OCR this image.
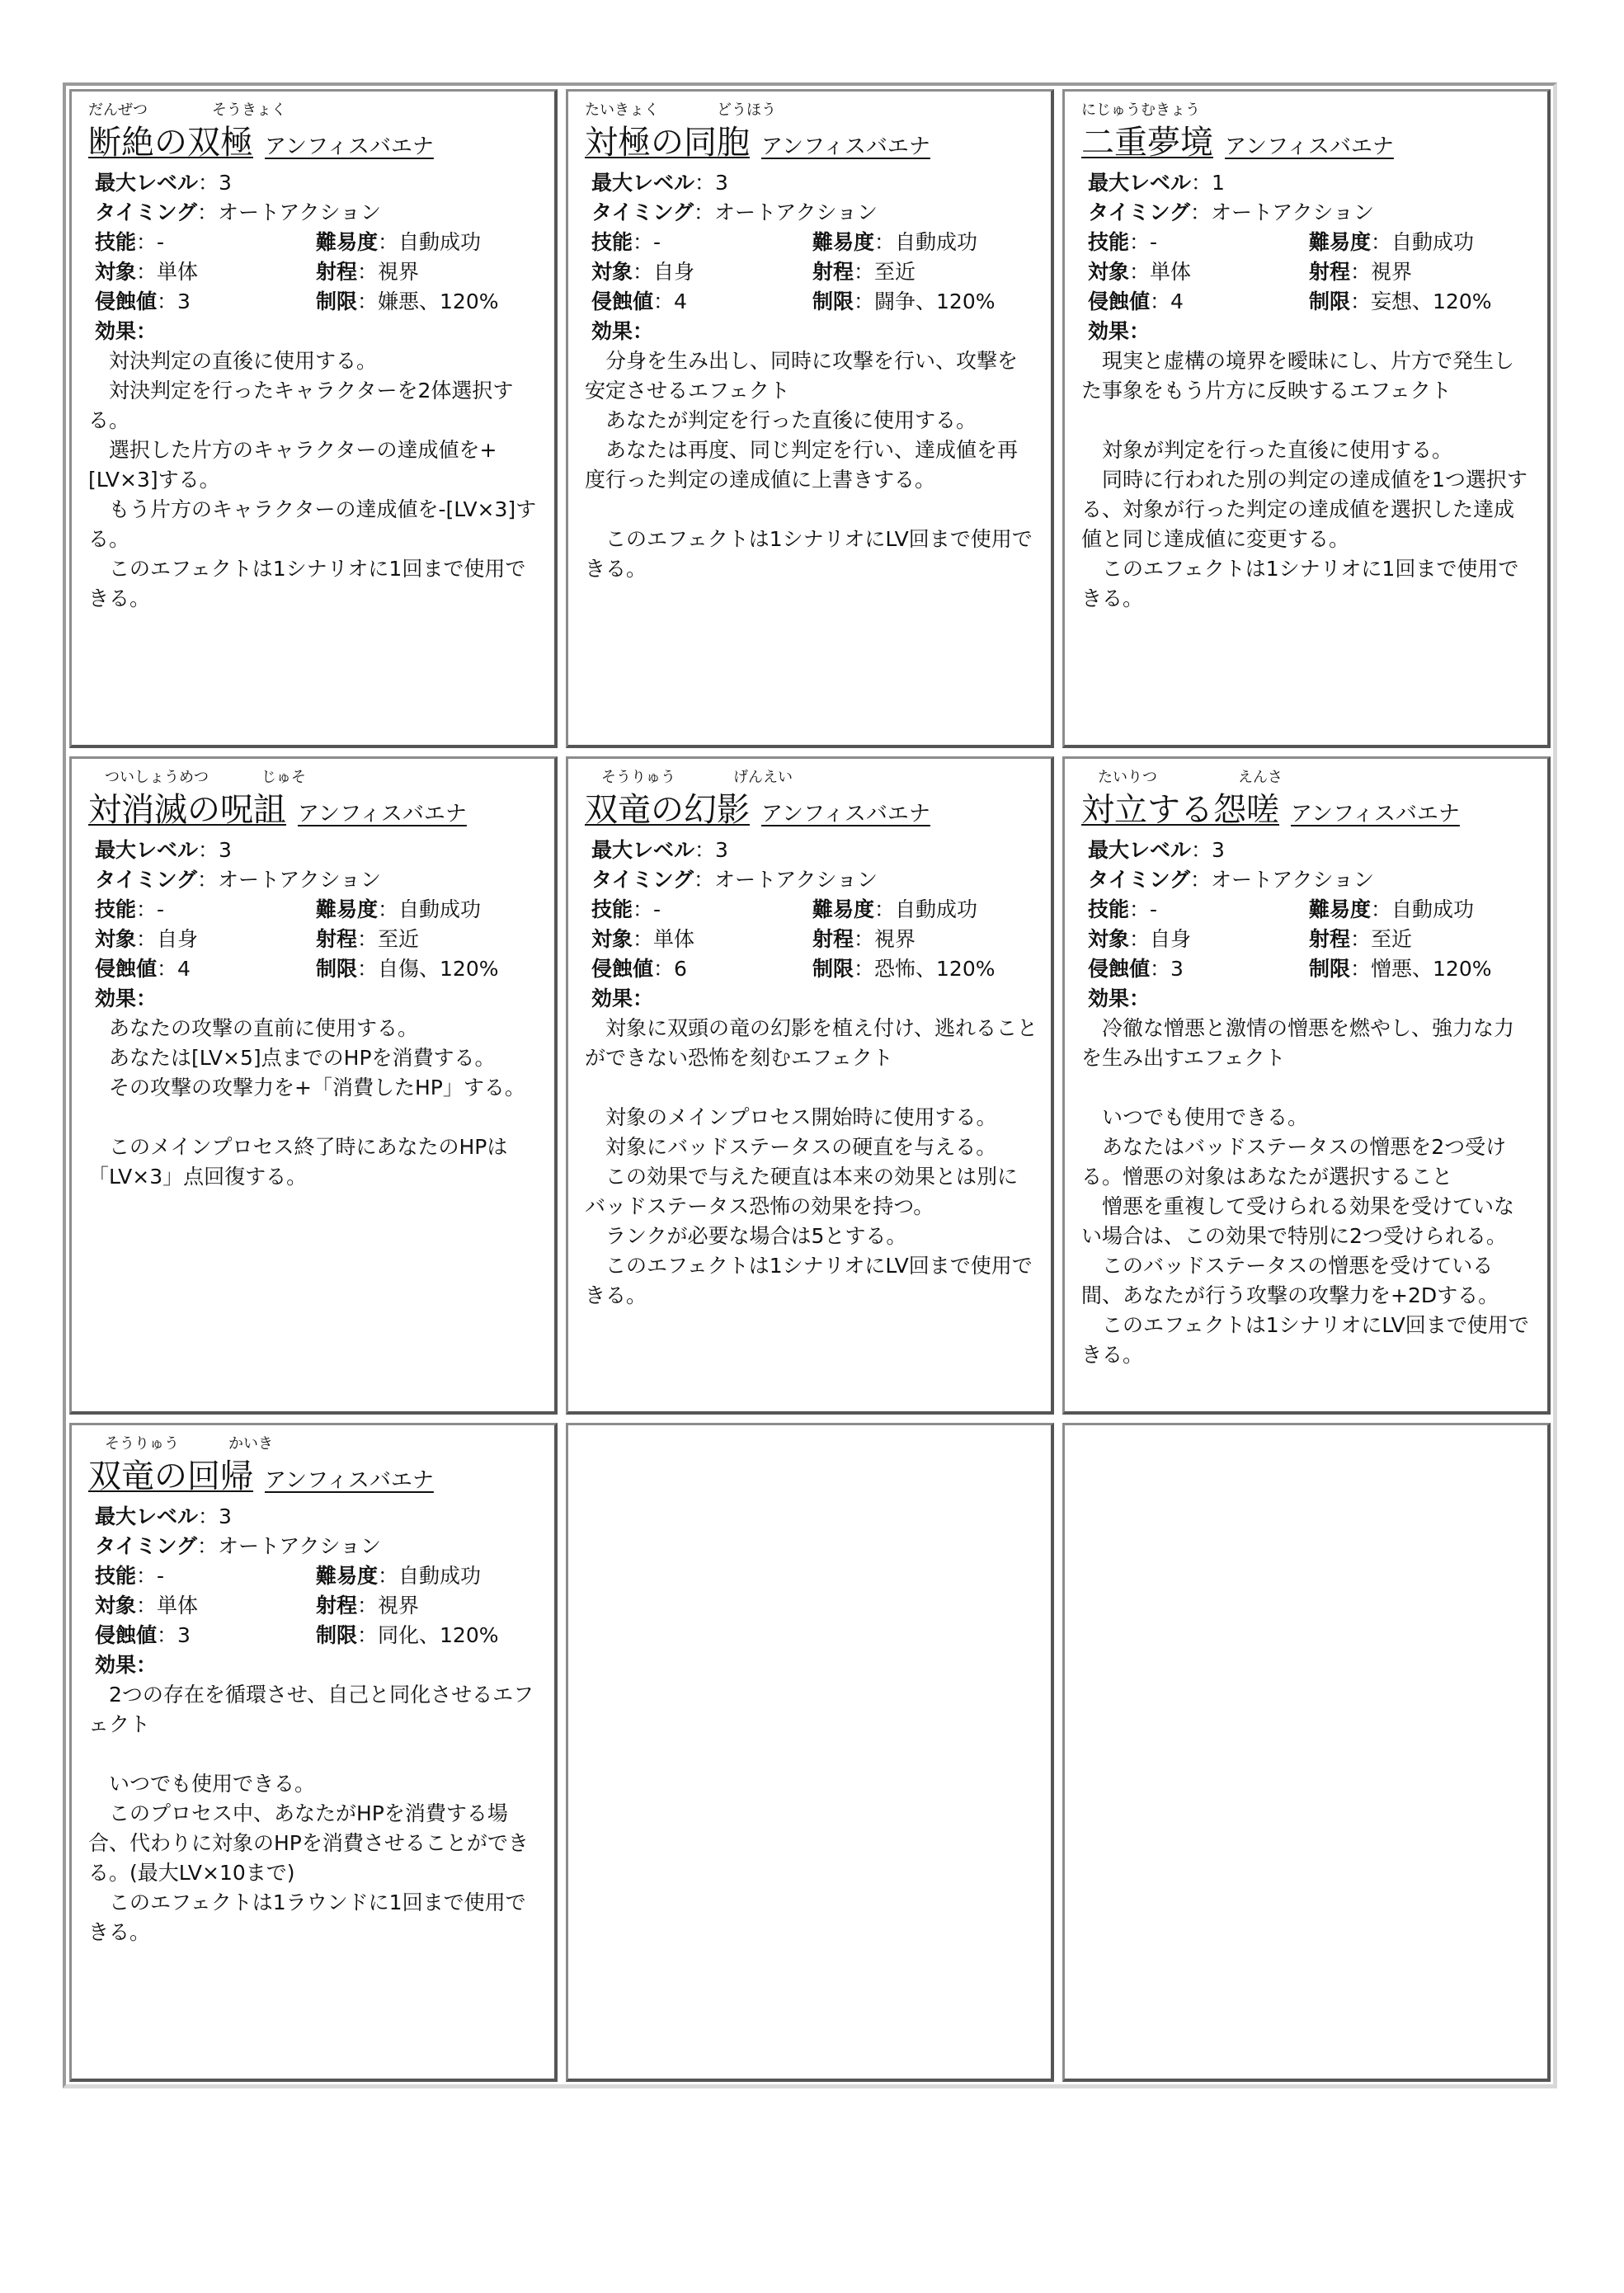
だんぜつ	そうきょく
断絶の双極 アンフィスバエナ
最大レベル：3
タイミング：オートアクション
技能：-	難易度：自動成功
対象：単体	射程：視界
侵蝕値：3	制限：嫌悪、120%
効果：
　対決判定の直後に使用する。
　対決判定を行ったキャラクターを2体選択する。
　選択した片方のキャラクターの達成値を+[LV×3]する。
　もう片方のキャラクターの達成値を-[LV×3]する。
　このエフェクトは1シナリオに1回まで使用できる。
たいきょく	どうほう
対極の同胞 アンフィスバエナ
最大レベル：3
タイミング：オートアクション
技能：-	難易度：自動成功
対象：自身	射程：至近
侵蝕値：4	制限：闘争、120%
効果：
　分身を生み出し、同時に攻撃を行い、攻撃を安定させるエフェクト
　あなたが判定を行った直後に使用する。
　あなたは再度、同じ判定を行い、達成値を再度行った判定の達成値に上書きする。
　このエフェクトは1シナリオにLV回まで使用できる。
にじゅうむきょう
二重夢境 アンフィスバエナ
最大レベル：1
タイミング：オートアクション
技能：-	難易度：自動成功
対象：単体	射程：視界
侵蝕値：4	制限：妄想、120%
効果：
　現実と虚構の境界を曖昧にし、片方で発生した事象をもう片方に反映するエフェクト
　対象が判定を行った直後に使用する。
　同時に行われた別の判定の達成値を1つ選択する、対象が行った判定の達成値を選択した達成値と同じ達成値に変更する。
　このエフェクトは1シナリオに1回まで使用できる。
ついしょうめつ	じゅそ
対消滅の呪詛 アンフィスバエナ
最大レベル：3
タイミング：オートアクション
技能：-	難易度：自動成功
対象：自身	射程：至近
侵蝕値：4	制限：自傷、120%
効果：
　あなたの攻撃の直前に使用する。
　あなたは[LV×5]点までのHPを消費する。
　その攻撃の攻撃力を+「消費したHP」する。
　このメインプロセス終了時にあなたのHPは「LV×3」点回復する。
そうりゅう	げんえい
双竜の幻影 アンフィスバエナ
最大レベル：3
タイミング：オートアクション
技能：-	難易度：自動成功
対象：単体	射程：視界
侵蝕値：6	制限：恐怖、120%
効果：
　対象に双頭の竜の幻影を植え付け、逃れることができない恐怖を刻むエフェクト
　対象のメインプロセス開始時に使用する。
　対象にバッドステータスの硬直を与える。
　この効果で与えた硬直は本来の効果とは別にバッドステータス恐怖の効果を持つ。
　ランクが必要な場合は5とする。
　このエフェクトは1シナリオにLV回まで使用できる。
たいりつ	えんさ
対立する怨嗟 アンフィスバエナ
最大レベル：3
タイミング：オートアクション
技能：-	難易度：自動成功
対象：自身	射程：至近
侵蝕値：3	制限：憎悪、120%
効果：
　冷徹な憎悪と激情の憎悪を燃やし、強力な力を生み出すエフェクト
　いつでも使用できる。
　あなたはバッドステータスの憎悪を2つ受ける。憎悪の対象はあなたが選択すること
　憎悪を重複して受けられる効果を受けていない場合は、この効果で特別に2つ受けられる。
　このバッドステータスの憎悪を受けている間、あなたが行う攻撃の攻撃力を+2Dする。
　このエフェクトは1シナリオにLV回まで使用できる。
そうりゅう	かいき
双竜の回帰 アンフィスバエナ
最大レベル：3
タイミング：オートアクション
技能：-	難易度：自動成功
対象：単体	射程：視界
侵蝕値：3	制限：同化、120%
効果：
　2つの存在を循環させ、自己と同化させるエフェクト
　いつでも使用できる。
　このプロセス中、あなたがHPを消費する場合、代わりに対象のHPを消費させることができる。(最大LV×10まで)
　このエフェクトは1ラウンドに1回まで使用できる。
